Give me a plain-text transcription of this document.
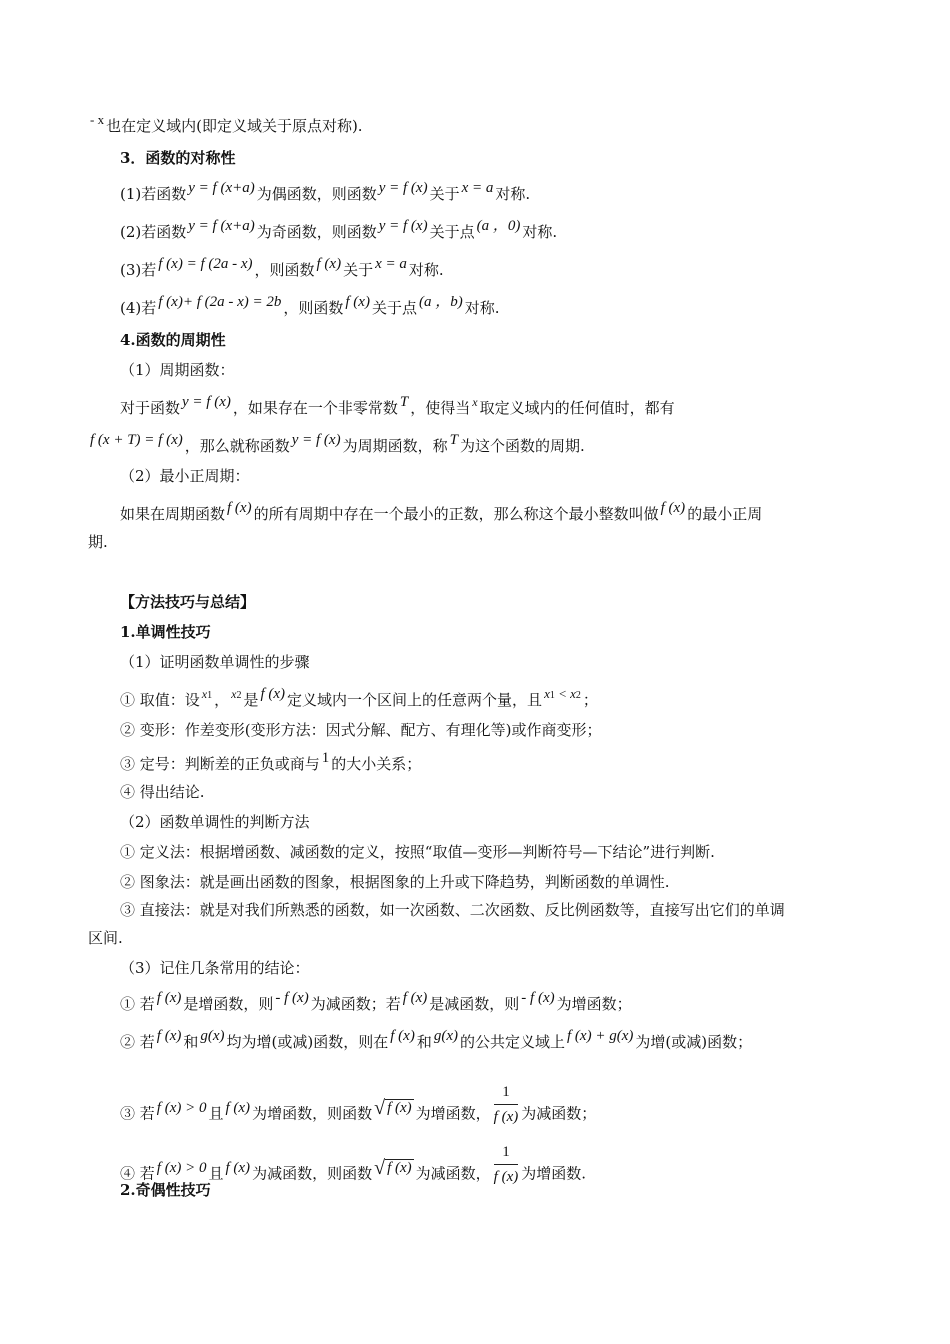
- x 也在定义域内(即定义域关于原点对称).
3．函数的对称性
(1)若函数 y = f (x+a) 为偶函数，则函数 y = f (x) 关于 x = a 对称.
(2)若函数 y = f (x+a) 为奇函数，则函数 y = f (x) 关于点 (a ，0) 对称.
(3)若 f (x) = f (2a - x) ，则函数 f (x) 关于 x = a 对称.
(4)若 f (x)+ f (2a - x) = 2b ，则函数 f (x) 关于点 (a ，b) 对称.
4.函数的周期性
（1）周期函数：
对于函数 y = f (x) ，如果存在一个非零常数 T ，使得当 $^x$ 取定义域内的任何值时，都有
f (x + T) = f (x) ，那么就称函数 y = f (x) 为周期函数，称 T 为这个函数的周期.
（2）最小正周期：
如果在周期函数 f (x) 的所有周期中存在一个最小的正数，那么称这个最小整数叫做 f (x) 的最小正周
期.
【方法技巧与总结】
1.单调性技巧
（1）证明函数单调性的步骤
① 取值：设 $^{x1}$ ， $^{x2}$ 是 f (x) 定义域内一个区间上的任意两个量，且 x1 < x2 ；
② 变形：作差变形(变形方法：因式分解、配方、有理化等)或作商变形；
③ 定号：判断差的正负或商与 1 的大小关系；
④ 得出结论.
（2）函数单调性的判断方法
① 定义法：根据增函数、减函数的定义，按照“取值—变形—判断符号—下结论”进行判断.
② 图象法：就是画出函数的图象，根据图象的上升或下降趋势，判断函数的单调性.
③ 直接法：就是对我们所熟悉的函数，如一次函数、二次函数、反比例函数等，直接写出它们的单调
区间.
（3）记住几条常用的结论：
① 若 f (x) 是增函数，则 - f (x) 为减函数；若 f (x) 是减函数，则 - f (x) 为增函数；
② 若 f (x) 和 g(x) 均为增(或减)函数，则在 f (x) 和 g(x) 的公共定义域上 f (x) + g(x) 为增(或减)函数；
③ 若 f (x) > 0 且 f (x) 为增函数，则函数 √ f (x) 为增函数， $\frac{1}{f (x)}$ 为减函数；
④ 若 f (x) > 0 且 f (x) 为减函数，则函数 √ f (x) 为减函数， $\frac{1}{f (x)}$ 为增函数.
2.奇偶性技巧
